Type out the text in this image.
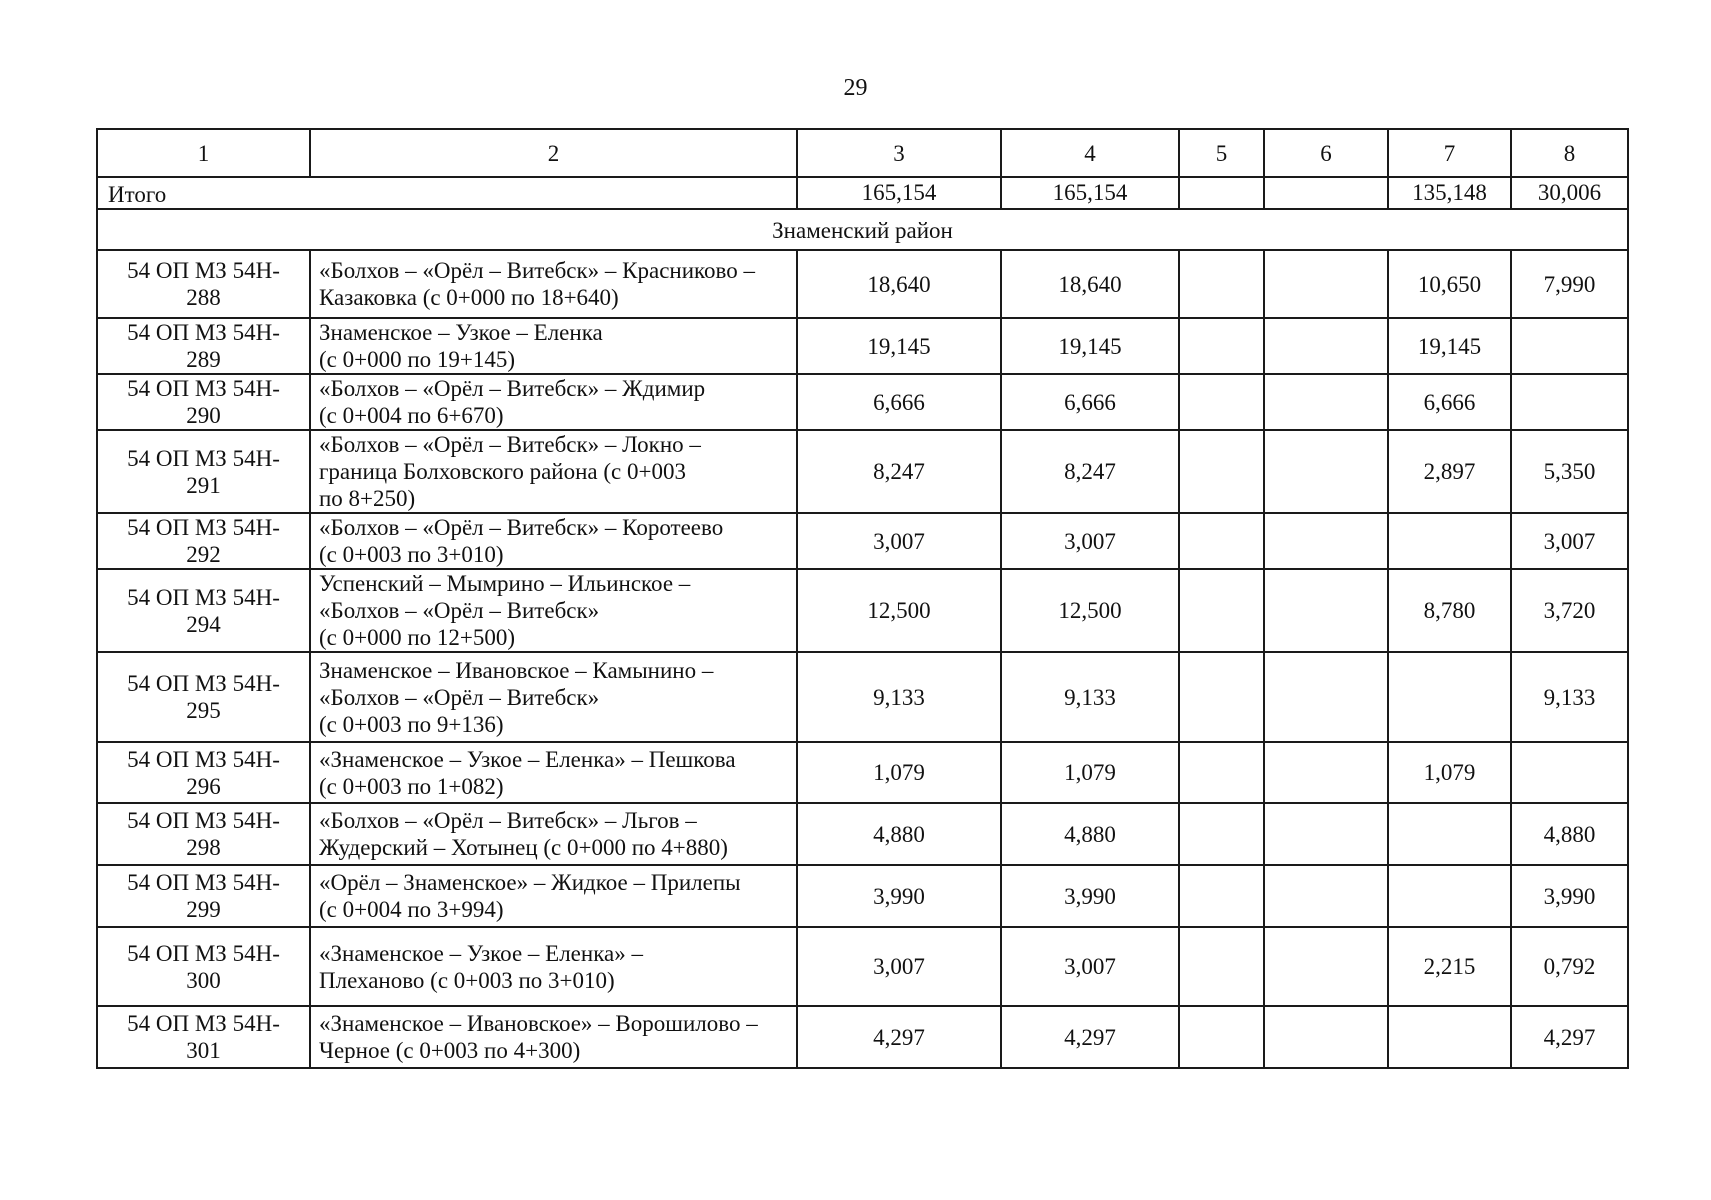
29
1	2	3	4	5	6	7	8
Итого		165,154	165,154			135,148	30,006
Знаменский район							

54 ОП МЗ 54Н-
288	«Болхов – «Орёл – Витебск» – Красниково –
Казаковка (с 0+000 по 18+640)	18,640	18,640			10,650	7,990

54 ОП МЗ 54Н-
289	Знаменское – Узкое – Еленка
(с 0+000 по 19+145)	19,145	19,145			19,145	

54 ОП МЗ 54Н-
290	«Болхов – «Орёл – Витебск» – Ждимир
(с 0+004 по 6+670)	6,666	6,666			6,666	

54 ОП МЗ 54Н-
291	«Болхов – «Орёл – Витебск» – Локно –
граница Болховского района (с 0+003
по 8+250)	8,247	8,247			2,897	5,350

54 ОП МЗ 54Н-
292	«Болхов – «Орёл – Витебск» – Коротеево
(с 0+003 по 3+010)	3,007	3,007				3,007

54 ОП МЗ 54Н-
294	Успенский – Мымрино – Ильинское –
«Болхов – «Орёл – Витебск»
(с 0+000 по 12+500)	12,500	12,500			8,780	3,720

54 ОП МЗ 54Н-
295	Знаменское – Ивановское – Камынино –
«Болхов – «Орёл – Витебск»
(с 0+003 по 9+136)	9,133	9,133				9,133

54 ОП МЗ 54Н-
296	«Знаменское – Узкое – Еленка» – Пешкова
(с 0+003 по 1+082)	1,079	1,079			1,079	

54 ОП МЗ 54Н-
298	«Болхов – «Орёл – Витебск» – Льгов –
Жудерский – Хотынец (с 0+000 по 4+880)	4,880	4,880				4,880

54 ОП МЗ 54Н-
299	«Орёл – Знаменское» – Жидкое – Прилепы
(с 0+004 по 3+994)	3,990	3,990				3,990

54 ОП МЗ 54Н-
300	«Знаменское – Узкое – Еленка» –
Плеханово (с 0+003 по 3+010)	3,007	3,007			2,215	0,792

54 ОП МЗ 54Н-
301	«Знаменское – Ивановское» – Ворошилово –
Черное (с 0+003 по 4+300)	4,297	4,297				4,297
